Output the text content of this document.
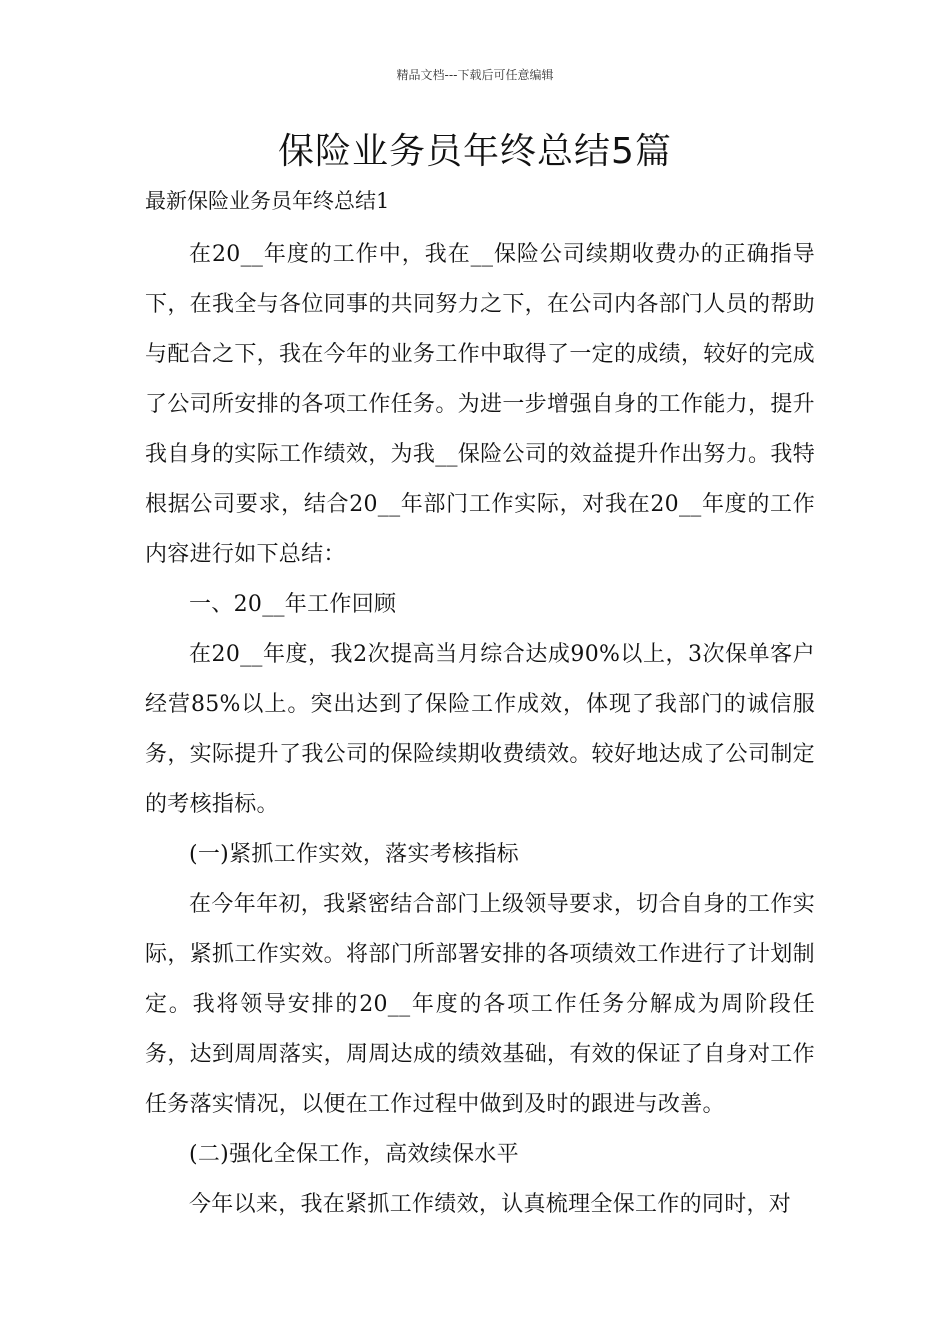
精品文档---下载后可任意编辑
保险业务员年终总结5篇

最新保险业务员年终总结1

在20__年度的工作中，我在__保险公司续期收费办的正确指导下，在我全与各位同事的共同努力之下，在公司内各部门人员的帮助与配合之下，我在今年的业务工作中取得了一定的成绩，较好的完成了公司所安排的各项工作任务。为进一步增强自身的工作能力，提升我自身的实际工作绩效，为我__保险公司的效益提升作出努力。我特根据公司要求，结合20__年部门工作实际，对我在20__年度的工作内容进行如下总结：

一、20__年工作回顾

在20__年度，我2次提高当月综合达成90%以上，3次保单客户经营85%以上。突出达到了保险工作成效，体现了我部门的诚信服务，实际提升了我公司的保险续期收费绩效。较好地达成了公司制定的考核指标。

(一)紧抓工作实效，落实考核指标

在今年年初，我紧密结合部门上级领导要求，切合自身的工作实际，紧抓工作实效。将部门所部署安排的各项绩效工作进行了计划制定。我将领导安排的20__年度的各项工作任务分解成为周阶段任务，达到周周落实，周周达成的绩效基础，有效的保证了自身对工作任务落实情况，以便在工作过程中做到及时的跟进与改善。

(二)强化全保工作，高效续保水平

今年以来，我在紧抓工作绩效，认真梳理全保工作的同时，对
